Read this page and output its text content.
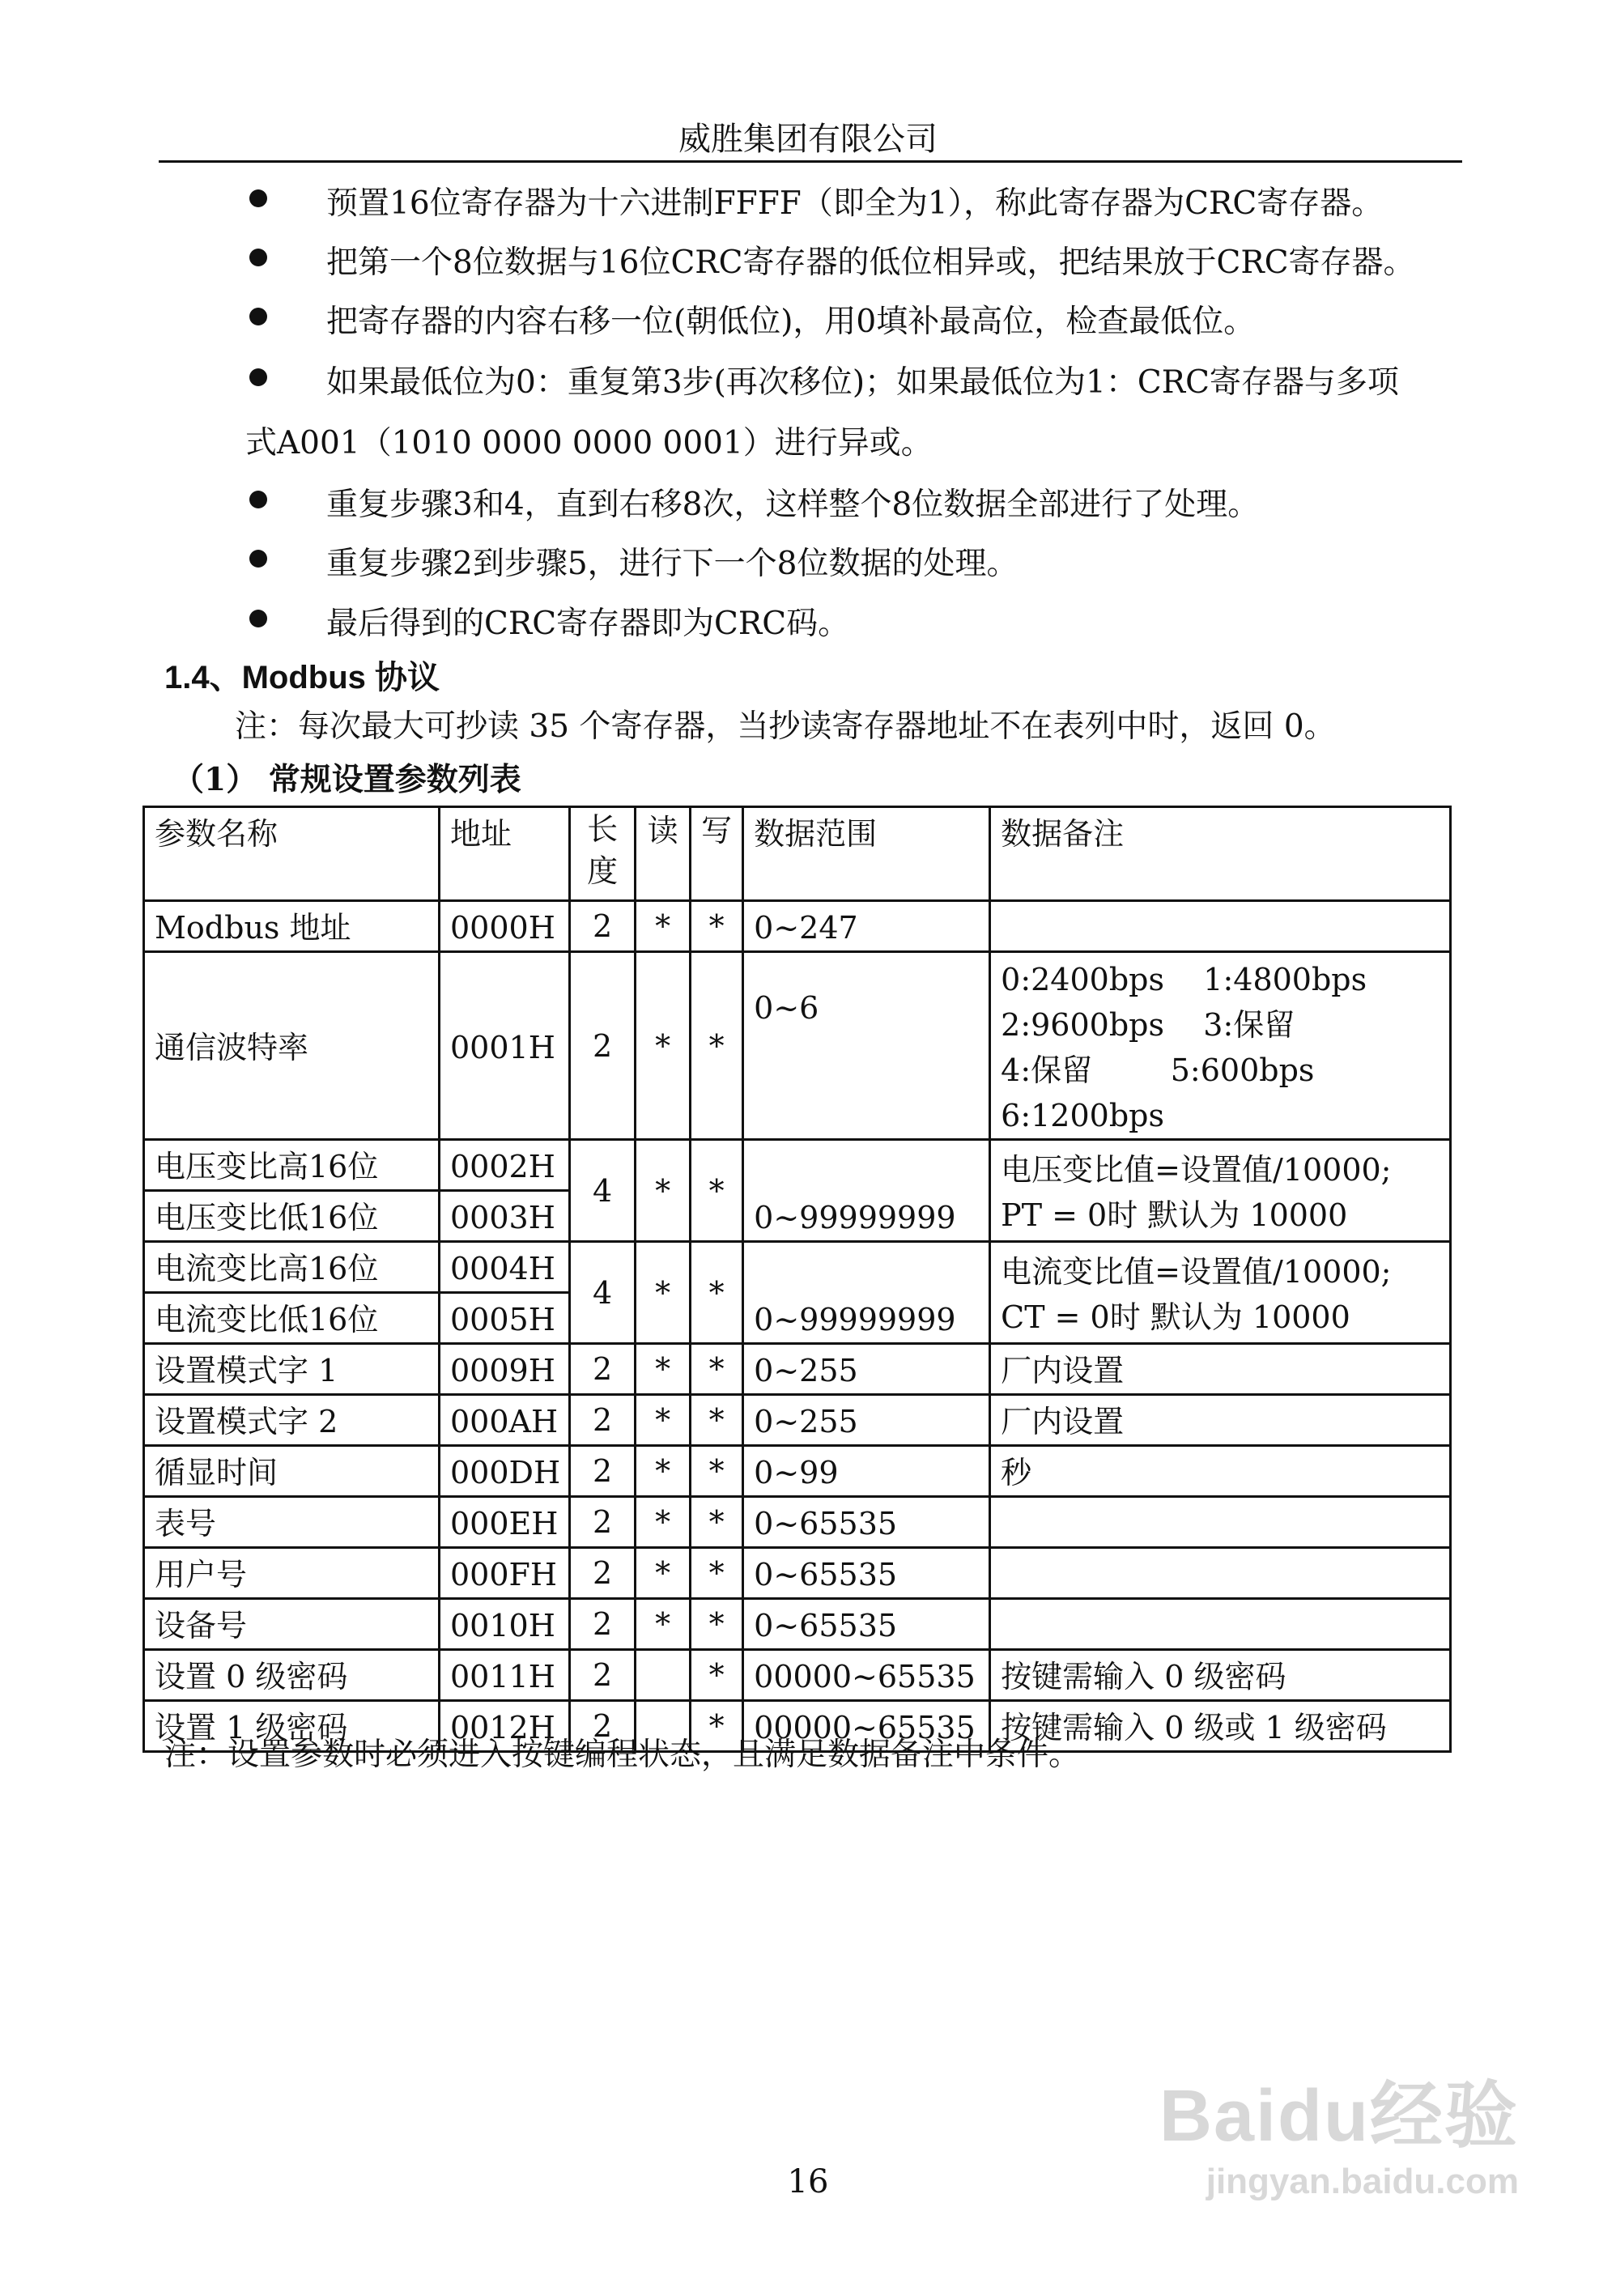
威胜集团有限公司
预置16位寄存器为十六进制FFFF（即全为1），称此寄存器为CRC寄存器。
把第一个8位数据与16位CRC寄存器的低位相异或，把结果放于CRC寄存器。
把寄存器的内容右移一位(朝低位)，用0填补最高位，检查最低位。
如果最低位为0：重复第3步(再次移位)；如果最低位为1：CRC寄存器与多项
式A001（1010 0000 0000 0001）进行异或。
重复步骤3和4，直到右移8次，这样整个8位数据全部进行了处理。
重复步骤2到步骤5，进行下一个8位数据的处理。
最后得到的CRC寄存器即为CRC码。
1.4、Modbus 协议
注：每次最大可抄读 35 个寄存器，当抄读寄存器地址不在表列中时，返回 0。
（1） 常规设置参数列表
参数名称	地址	长度	读	写	数据范围	数据备注
Modbus 地址	0000H	2	*	*	0~247	
通信波特率	0001H	2	*	*	0~6	0:2400bps    1:4800bps
2:9600bps    3:保留
4:保留        5:600bps
6:1200bps

电压变比高16位	0002H	4	*	*	0~99999999	电压变比值=设置值/10000;
PT = 0时 默认为 10000

电压变比低16位	0003H					
电流变比高16位	0004H	4	*	*	0~99999999	电流变比值=设置值/10000;
CT = 0时 默认为 10000

电流变比低16位	0005H					
设置模式字 1	0009H	2	*	*	0~255	厂内设置
设置模式字 2	000AH	2	*	*	0~255	厂内设置
循显时间	000DH	2	*	*	0~99	秒
表号	000EH	2	*	*	0~65535	
用户号	000FH	2	*	*	0~65535	
设备号	0010H	2	*	*	0~65535	
设置 0 级密码	0011H	2		*	00000~65535	按键需输入 0 级密码
设置 1 级密码	0012H	2		*	00000~65535	按键需输入 0 级或 1 级密码
注：设置参数时必须进入按键编程状态，且满足数据备注中条件。
16
Baidu经验
jingyan.baidu.com
